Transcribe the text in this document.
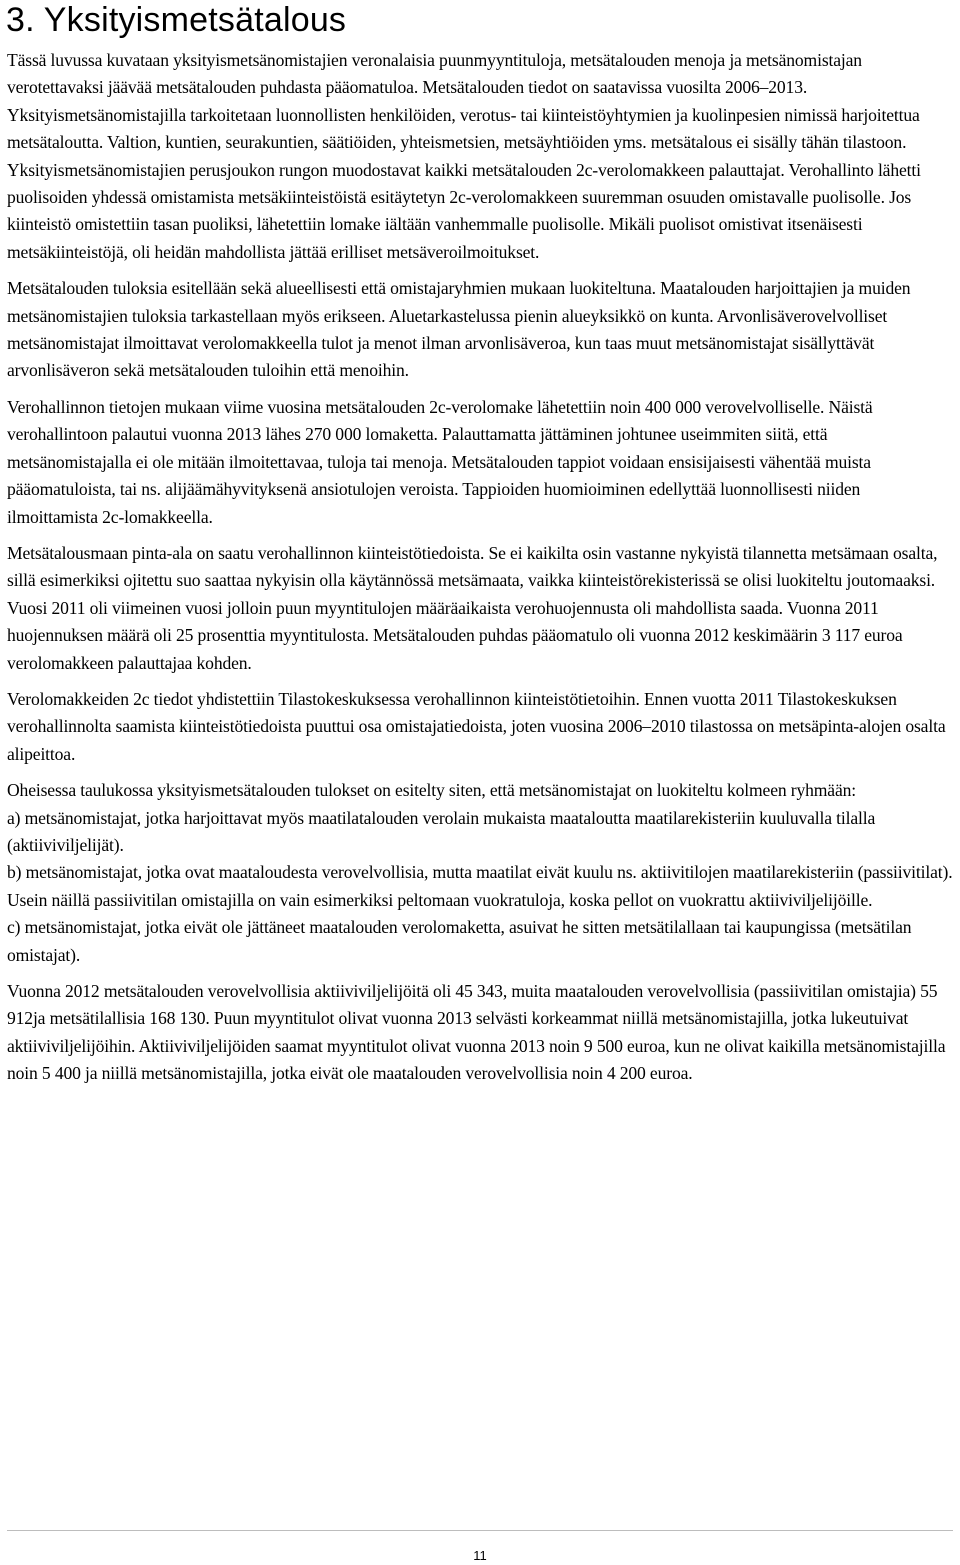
3. Yksityismetsätalous

Tässä luvussa kuvataan yksityismetsänomistajien veronalaisia puunmyyntituloja, metsätalouden menoja ja metsänomistajan verotettavaksi jäävää metsätalouden puhdasta pääomatuloa. Metsätalouden tiedot on saatavissa vuosilta 2006–2013. Yksityismetsänomistajilla tarkoitetaan luonnollisten henkilöiden, verotus- tai kiinteistöyhtymien ja kuolinpesien nimissä harjoitettua metsätaloutta. Valtion, kuntien, seurakuntien, säätiöiden, yhteismetsien, metsäyhtiöiden yms. metsätalous ei sisälly tähän tilastoon. Yksityismetsänomistajien perusjoukon rungon muodostavat kaikki metsätalouden 2c-verolomakkeen palauttajat. Verohallinto lähetti puolisoiden yhdessä omistamista metsäkiinteistöistä esitäytetyn 2c-verolomakkeen suuremman osuuden omistavalle puolisolle. Jos kiinteistö omistettiin tasan puoliksi, lähetettiin lomake iältään vanhemmalle puolisolle. Mikäli puolisot omistivat itsenäisesti metsäkiinteistöjä, oli heidän mahdollista jättää erilliset metsäveroilmoitukset.

Metsätalouden tuloksia esitellään sekä alueellisesti että omistajaryhmien mukaan luokiteltuna. Maatalouden harjoittajien ja muiden metsänomistajien tuloksia tarkastellaan myös erikseen. Aluetarkastelussa pienin alueyksikkö on kunta. Arvonlisäverovelvolliset metsänomistajat ilmoittavat verolomakkeella tulot ja menot ilman arvonlisäveroa, kun taas muut metsänomistajat sisällyttävät arvonlisäveron sekä metsätalouden tuloihin että menoihin.

Verohallinnon tietojen mukaan viime vuosina metsätalouden 2c-verolomake lähetettiin noin 400 000 verovelvolliselle. Näistä verohallintoon palautui vuonna 2013 lähes 270 000 lomaketta. Palauttamatta jättäminen johtunee useimmiten siitä, että metsänomistajalla ei ole mitään ilmoitettavaa, tuloja tai menoja. Metsätalouden tappiot voidaan ensisijaisesti vähentää muista pääomatuloista, tai ns. alijäämähyvityksenä ansiotulojen veroista. Tappioiden huomioiminen edellyttää luonnollisesti niiden ilmoittamista 2c-lomakkeella.

Metsätalousmaan pinta-ala on saatu verohallinnon kiinteistötiedoista. Se ei kaikilta osin vastanne nykyistä tilannetta metsämaan osalta, sillä esimerkiksi ojitettu suo saattaa nykyisin olla käytännössä metsämaata, vaikka kiinteistörekisterissä se olisi luokiteltu joutomaaksi. Vuosi 2011 oli viimeinen vuosi jolloin puun myyntitulojen määräaikaista verohuojennusta oli mahdollista saada. Vuonna 2011 huojennuksen määrä oli 25 prosenttia myyntitulosta. Metsätalouden puhdas pääomatulo oli vuonna 2012 keskimäärin 3 117 euroa verolomakkeen palauttajaa kohden.

Verolomakkeiden 2c tiedot yhdistettiin Tilastokeskuksessa verohallinnon kiinteistötietoihin. Ennen vuotta 2011 Tilastokeskuksen verohallinnolta saamista kiinteistötiedoista puuttui osa omistajatiedoista, joten vuosina 2006–2010 tilastossa on metsäpinta-alojen osalta alipeittoa.

Oheisessa taulukossa yksityismetsätalouden tulokset on esitelty siten, että metsänomistajat on luokiteltu kolmeen ryhmään:

a) metsänomistajat, jotka harjoittavat myös maatilatalouden verolain mukaista maataloutta maatilarekisteriin kuuluvalla tilalla (aktiiviviljelijät).

b) metsänomistajat, jotka ovat maataloudesta verovelvollisia, mutta maatilat eivät kuulu ns. aktiivitilojen maatilarekisteriin (passiivitilat). Usein näillä passiivitilan omistajilla on vain esimerkiksi peltomaan vuokratuloja, koska pellot on vuokrattu aktiiviviljelijöille.

c) metsänomistajat, jotka eivät ole jättäneet maatalouden verolomaketta, asuivat he sitten metsätilallaan tai kaupungissa (metsätilan omistajat).

Vuonna 2012 metsätalouden verovelvollisia aktiiviviljelijöitä oli 45 343, muita maatalouden verovelvollisia (passiivitilan omistajia) 55 912ja metsätilallisia 168 130. Puun myyntitulot olivat vuonna 2013 selvästi korkeammat niillä metsänomistajilla, jotka lukeutuivat aktiiviviljelijöihin. Aktiiviviljelijöiden saamat myyntitulot olivat vuonna 2013 noin 9 500 euroa, kun ne olivat kaikilla metsänomistajilla noin 5 400 ja niillä metsänomistajilla, jotka eivät ole maatalouden verovelvollisia noin 4 200 euroa.

11
